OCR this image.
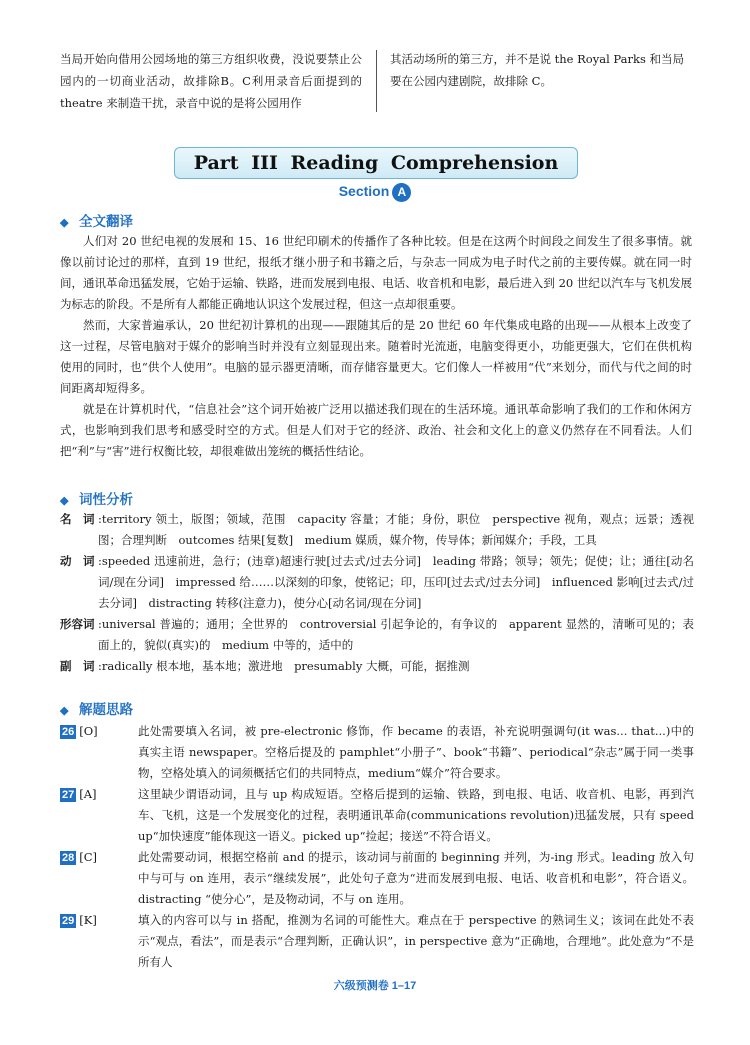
当局开始向借用公园场地的第三方组织收费，没说要禁止公园内的一切商业活动，故排除B。C利用录音后面提到的 theatre 来制造干扰，录音中说的是将公园用作
其活动场所的第三方，并不是说 the Royal Parks 和当局要在公园内建剧院，故排除 C。
Part III Reading Comprehension
Section A
◆ 全文翻译

人们对 20 世纪电视的发展和 15、16 世纪印刷术的传播作了各种比较。但是在这两个时间段之间发生了很多事情。就像以前讨论过的那样，直到 19 世纪，报纸才继小册子和书籍之后，与杂志一同成为电子时代之前的主要传媒。就在同一时间，通讯革命迅猛发展，它始于运输、铁路，进而发展到电报、电话、收音机和电影，最后进入到 20 世纪以汽车与飞机发展为标志的阶段。不是所有人都能正确地认识这个发展过程，但这一点却很重要。

然而，大家普遍承认，20 世纪初计算机的出现——跟随其后的是 20 世纪 60 年代集成电路的出现——从根本上改变了这一过程，尽管电脑对于媒介的影响当时并没有立刻显现出来。随着时光流逝，电脑变得更小，功能更强大，它们在供机构使用的同时，也“供个人使用”。电脑的显示器更清晰，而存储容量更大。它们像人一样被用“代”来划分，而代与代之间的时间距离却短得多。

就是在计算机时代，“信息社会”这个词开始被广泛用以描述我们现在的生活环境。通讯革命影响了我们的工作和休闲方式，也影响到我们思考和感受时空的方式。但是人们对于它的经济、政治、社会和文化上的意义仍然存在不同看法。人们把“利”与“害”进行权衡比较，却很难做出笼统的概括性结论。

◆ 词性分析
名　词 :territory 领土，版图；领域，范围　capacity 容量；才能；身份，职位　perspective 视角，观点；远景；透视图；合理判断　outcomes 结果[复数]　medium 媒质，媒介物，传导体；新闻媒介；手段，工具
动　词 :speeded 迅速前进，急行；(违章)超速行驶[过去式/过去分词]　leading 带路；领导；领先；促使；让；通往[动名词/现在分词]　impressed 给……以深刻的印象，使铭记；印，压印[过去式/过去分词]　influenced 影响[过去式/过去分词]　distracting 转移(注意力)，使分心[动名词/现在分词]
形容词 :universal 普遍的；通用；全世界的　controversial 引起争论的，有争议的　apparent 显然的，清晰可见的；表面上的，貌似(真实)的　medium 中等的，适中的
副　词 :radically 根本地，基本地；激进地　presumably 大概，可能，据推测
◆ 解题思路
26 [O]	此处需要填入名词，被 pre-electronic 修饰，作 became 的表语，补充说明强调句(it was... that...)中的真实主语 newspaper。空格后提及的 pamphlet“小册子”、book“书籍”、periodical“杂志”属于同一类事物，空格处填入的词须概括它们的共同特点，medium“媒介”符合要求。
27 [A]	这里缺少谓语动词，且与 up 构成短语。空格后提到的运输、铁路，到电报、电话、收音机、电影，再到汽车、飞机，这是一个发展变化的过程，表明通讯革命(communications revolution)迅猛发展，只有 speed up“加快速度”能体现这一语义。picked up“捡起；接送”不符合语义。
28 [C]	此处需要动词，根据空格前 and 的提示，该动词与前面的 beginning 并列，为-ing 形式。leading 放入句中与可与 on 连用，表示“继续发展”，此处句子意为“进而发展到电报、电话、收音机和电影”，符合语义。distracting “使分心”，是及物动词，不与 on 连用。
29 [K]	填入的内容可以与 in 搭配，推测为名词的可能性大。难点在于 perspective 的熟词生义；该词在此处不表示“观点，看法”，而是表示“合理判断，正确认识”，in perspective 意为“正确地，合理地”。此处意为“不是所有人
六级预测卷 1–17
